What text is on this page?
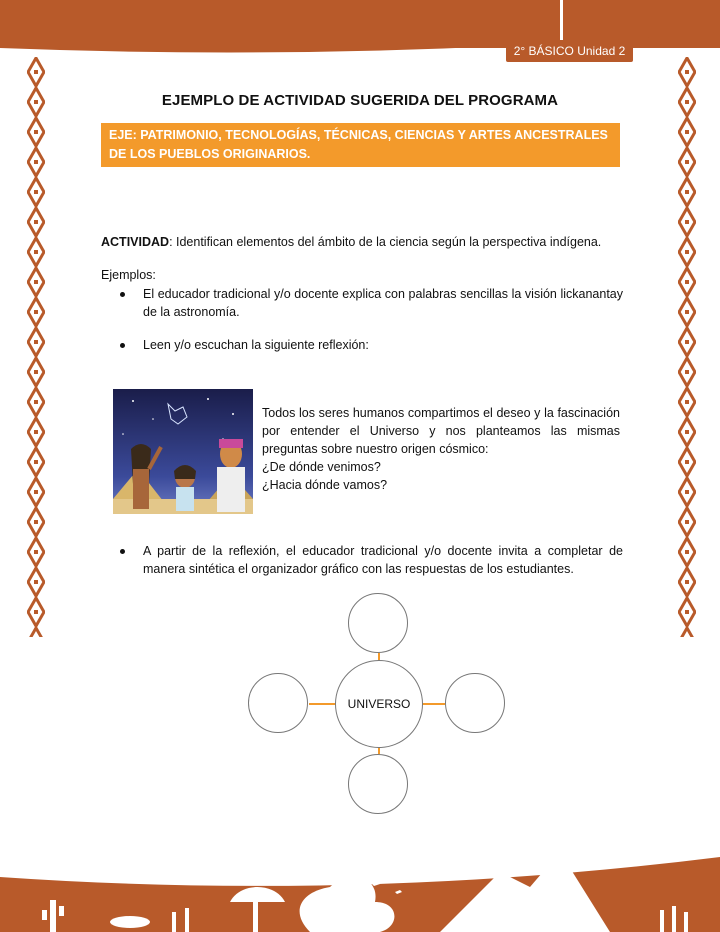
2° BÁSICO Unidad 2
EJEMPLO DE ACTIVIDAD SUGERIDA DEL PROGRAMA
EJE: PATRIMONIO, TECNOLOGÍAS, TÉCNICAS, CIENCIAS Y ARTES ANCESTRALES DE LOS PUEBLOS ORIGINARIOS.
ACTIVIDAD: Identifican elementos del ámbito de la ciencia según la perspectiva indígena.
Ejemplos:
El educador tradicional y/o docente explica con palabras sencillas la visión lickanantay de la astronomía.
Leen y/o escuchan la siguiente reflexión:
Todos los seres humanos compartimos el deseo y la fascinación por entender el Universo y nos planteamos las mismas preguntas sobre nuestro origen cósmico:
¿De dónde venimos?
¿Hacia dónde vamos?
A partir de la reflexión, el educador tradicional y/o docente invita a completar de manera sintética el organizador gráfico con las respuestas de los estudiantes.
UNIVERSO
